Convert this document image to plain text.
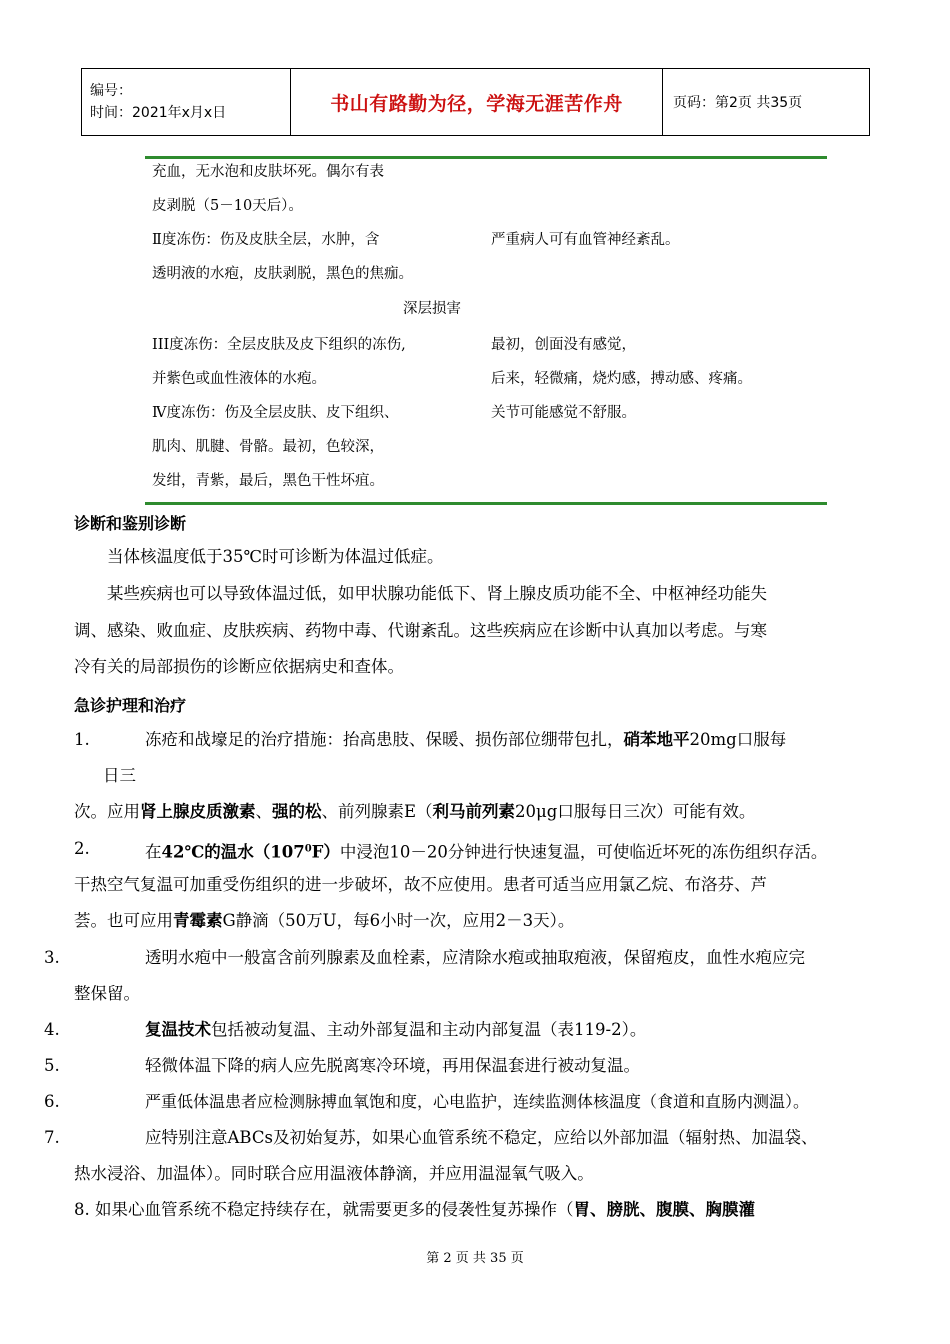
编号：
时间：2021年x月x日	书山有路勤为径，学海无涯苦作舟	页码：第2页 共35页
充血，无水泡和皮肤坏死。偶尔有表
皮剥脱（5－10天后）。
Ⅱ度冻伤：伤及皮肤全层，水肿，含	严重病人可有血管神经紊乱。
透明液的水疱，皮肤剥脱，黑色的焦痂。
深层损害
III度冻伤：全层皮肤及皮下组织的冻伤,	最初，创面没有感觉，
并紫色或血性液体的水疱。	后来，轻微痛，烧灼感，搏动感、疼痛。
Ⅳ度冻伤：伤及全层皮肤、皮下组织、	关节可能感觉不舒服。
肌肉、肌腱、骨骼。最初，色较深，
发绀，青紫，最后，黑色干性坏疽。
诊断和鉴别诊断
当体核温度低于35℃时可诊断为体温过低症。
某些疾病也可以导致体温过低，如甲状腺功能低下、肾上腺皮质功能不全、中枢神经功能失
调、感染、败血症、皮肤疾病、药物中毒、代谢紊乱。这些疾病应在诊断中认真加以考虑。与寒
冷有关的局部损伤的诊断应依据病史和查体。
急诊护理和治疗
1.	冻疮和战壕足的治疗措施：抬高患肢、保暖、损伤部位绷带包扎，硝苯地平20mg口服每
日三
次。应用肾上腺皮质激素、强的松、前列腺素E（利马前列素20μg口服每日三次）可能有效。
2.	在42℃的温水$(107^0F)$中浸泡10－20分钟进行快速复温，可使临近坏死的冻伤组织存活。
干热空气复温可加重受伤组织的进一步破坏，故不应使用。患者可适当应用氯乙烷、布洛芬、芦
荟。也可应用青霉素G静滴（50万U，每6小时一次，应用2－3天）。
3.	透明水疱中一般富含前列腺素及血栓素，应清除水疱或抽取疱液，保留疱皮，血性水疱应完
整保留。
4.	复温技术包括被动复温、主动外部复温和主动内部复温（表119-2）。
5.	轻微体温下降的病人应先脱离寒冷环境，再用保温套进行被动复温。
6.	严重低体温患者应检测脉搏血氧饱和度，心电监护，连续监测体核温度（食道和直肠内测温）。
7.	应特别注意ABCs及初始复苏，如果心血管系统不稳定，应给以外部加温（辐射热、加温袋、
热水浸浴、加温体）。同时联合应用温液体静滴，并应用温湿氧气吸入。
8. 如果心血管系统不稳定持续存在，就需要更多的侵袭性复苏操作（胃、膀胱、腹膜、胸膜灌
第 2 页 共 35 页
